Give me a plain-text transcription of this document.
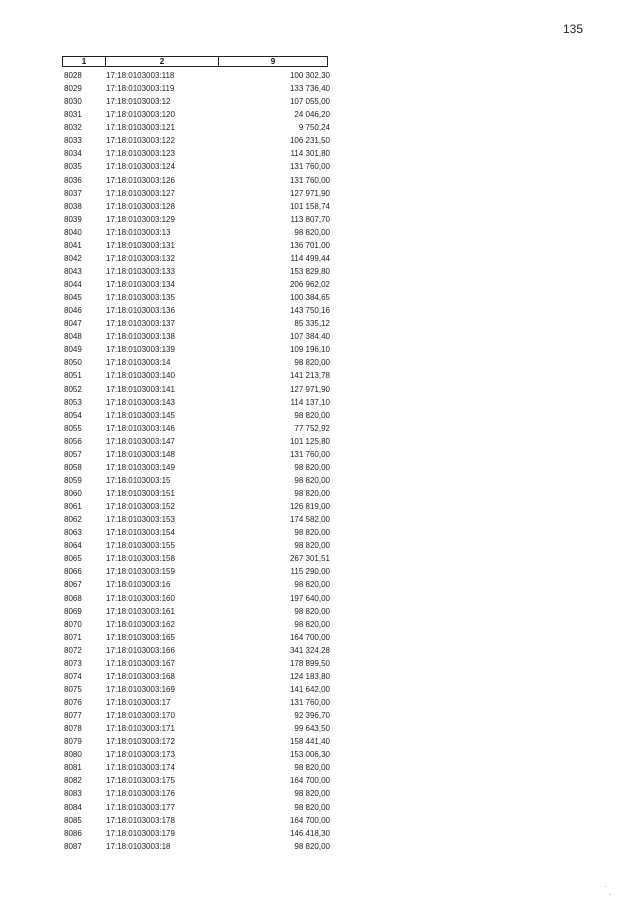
135
1	2	9
8028	17:18:0103003:118	100 302,30
8029	17:18:0103003:119	133 736,40
8030	17:18:0103003:12	107 055,00
8031	17:18:0103003:120	24 046,20
8032	17:18:0103003:121	9 750,24
8033	17:18:0103003:122	106 231,50
8034	17:18:0103003:123	114 301,80
8035	17:18:0103003:124	131 760,00
8036	17:18:0103003:126	131 760,00
8037	17:18:0103003:127	127 971,90
8038	17:18:0103003:128	101 158,74
8039	17:18:0103003:129	113 807,70
8040	17:18:0103003:13	98 820,00
8041	17:18:0103003:131	136 701,00
8042	17:18:0103003:132	114 499,44
8043	17:18:0103003:133	153 829,80
8044	17:18:0103003:134	206 962,02
8045	17:18:0103003:135	100 384,65
8046	17:18:0103003:136	143 750,16
8047	17:18:0103003:137	85 335,12
8048	17:18:0103003:138	107 384,40
8049	17:18:0103003:139	109 196,10
8050	17:18:0103003:14	98 820,00
8051	17:18:0103003:140	141 213,78
8052	17:18:0103003:141	127 971,90
8053	17:18:0103003:143	114 137,10
8054	17:18:0103003:145	98 820,00
8055	17:18:0103003:146	77 752,92
8056	17:18:0103003:147	101 125,80
8057	17:18:0103003:148	131 760,00
8058	17:18:0103003:149	98 820,00
8059	17:18:0103003:15	98 820,00
8060	17:18:0103003:151	98 820,00
8061	17:18:0103003:152	126 819,00
8062	17:18:0103003:153	174 582,00
8063	17:18:0103003:154	98 820,00
8064	17:18:0103003:155	98 820,00
8065	17:18:0103003:158	267 301,51
8066	17:18:0103003:159	115 290,00
8067	17:18:0103003:16	98 820,00
8068	17:18:0103003:160	197 640,00
8069	17:18:0103003:161	98 820,00
8070	17:18:0103003:162	98 820,00
8071	17:18:0103003:165	164 700,00
8072	17:18:0103003:166	341 324,28
8073	17:18:0103003:167	178 899,50
8074	17:18:0103003:168	124 183,80
8075	17:18:0103003:169	141 642,00
8076	17:18:0103003:17	131 760,00
8077	17:18:0103003:170	92 396,70
8078	17:18:0103003:171	99 643,50
8079	17:18:0103003:172	158 441,40
8080	17:18:0103003:173	153 006,30
8081	17:18:0103003:174	98 820,00
8082	17:18:0103003:175	164 700,00
8083	17:18:0103003:176	98 820,00
8084	17:18:0103003:177	98 820,00
8085	17:18:0103003:178	164 700,00
8086	17:18:0103003:179	146 418,30
8087	17:18:0103003:18	98 820,00
˙ ˏ
